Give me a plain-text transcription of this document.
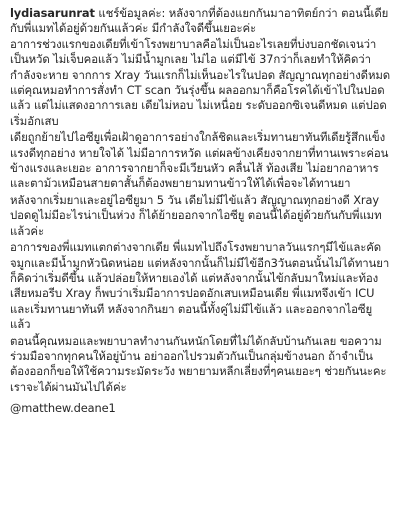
lydiasarunrat แชร์ข้อมูลค่ะ: หลังจากที่ต้องแยกกันมาอาทิตย์กว่า ตอนนี้เดียกับพี่แมทได้อยู่ด้วยกันแล้วค่ะ มีกำลังใจดีขึ้นเยอะค่ะ
อาการช่วงแรกของเดียที่เข้าโรงพยาบาลคือไม่เป็นอะไรเลยที่บ่งบอกชัดเจนว่าเป็นหวัด ไม่เจ็บคอแล้ว ไม่มีน้ำมูกเลย ไม่ไอ แต่มีไข้ 37กว่าก็เลยทำให้คิดว่ากำลังจะหาย จากการ Xray วันแรกก็ไม่เห็นอะไรในปอด สัญญาณทุกอย่างดีหมด แต่คุณหมอทำการสั่งทำ CT scan วันรุ่งขึ้น ผลออกมาก็คือโรคได้เข้าไปในปอดแล้ว แต่ไม่แสดงอาการเลย เดียไม่หอบ ไม่เหนื่อย ระดับออกซิเจนดีหมด แต่ปอดเริ่มอักเสบ
เดียถูกย้ายไปไอซียูเพื่อเฝ้าดูอาการอย่างใกล้ชิดและเริ่มทานยาทันทีเดียรู้สึกแข็งแรงดีทุกอย่าง หายใจได้ ไม่มีอาการหวัด แต่ผลข้างเคียงจากยาที่ทานเพราะค่อนข้างแรงและเยอะ อาการจากยาก็จะมีเวียนหัว คลื่นไส้ ท้องเสีย ไม่อยากอาหาร และตาม้วเหมือนสายตาสั้นก็ต้องพยายามทานข้าวให้ได้เพื่อจะได้ทานยา
หลังจากเริ่มยาและอยู่ไอซียูมา 5 วัน เดียไม่มีไข้แล้ว สัญญาณทุกอย่างดี Xray ปอดดูไม่มีอะไรน่าเป็นห่วง ก็ได้ย้ายออกจากไอซียู ตอนนี้ได้อยู่ด้วยกันกับพี่แมทแล้วค่ะ
อาการของพี่แมทแตกต่างจากเดีย พี่แมทไปถึงโรงพยาบาลวันแรกๆมีไข้และคัดจมูกและมีน้ำมูกหัวนิดหน่อย แต่หลังจากนั้นก็ไม่มีไข้อีก3วันตอนนั้นไม่ได้ทานยา ก็คิดว่าเริ่มดีขึ้น แล้วปล่อยให้หายเองได้ แต่หลังจากนั้นไข้กลับมาใหม่และท้องเสียหมอรีบ Xray ก็พบว่าเริ่มมีอาการปอดอักเสบเหมือนเดีย พี่แมทจึงเข้า ICU และเริ่มทานยาทันที หลังจากกินยา ตอนนี้ทั้งคู่ไม่มีไข้แล้ว และออกจากไอซียูแล้ว
ตอนนี้คุณหมอและพยาบาลทำงานกันหนักโดยที่ไม่ได้กลับบ้านกันเลย ขอความร่วมมือจากทุกคนให้อยู่บ้าน อย่าออกไปรวมตัวกันเป็นกลุ่มข้างนอก ถ้าจำเป็นต้องออกก็ขอให้ใช้ความระมัดระวัง พยายามหลีกเลี่ยงที่ๆคนเยอะๆ ช่วยกันนะคะ เราจะได้ผ่านมันไปได้ค่ะ
@matthew.deane1
